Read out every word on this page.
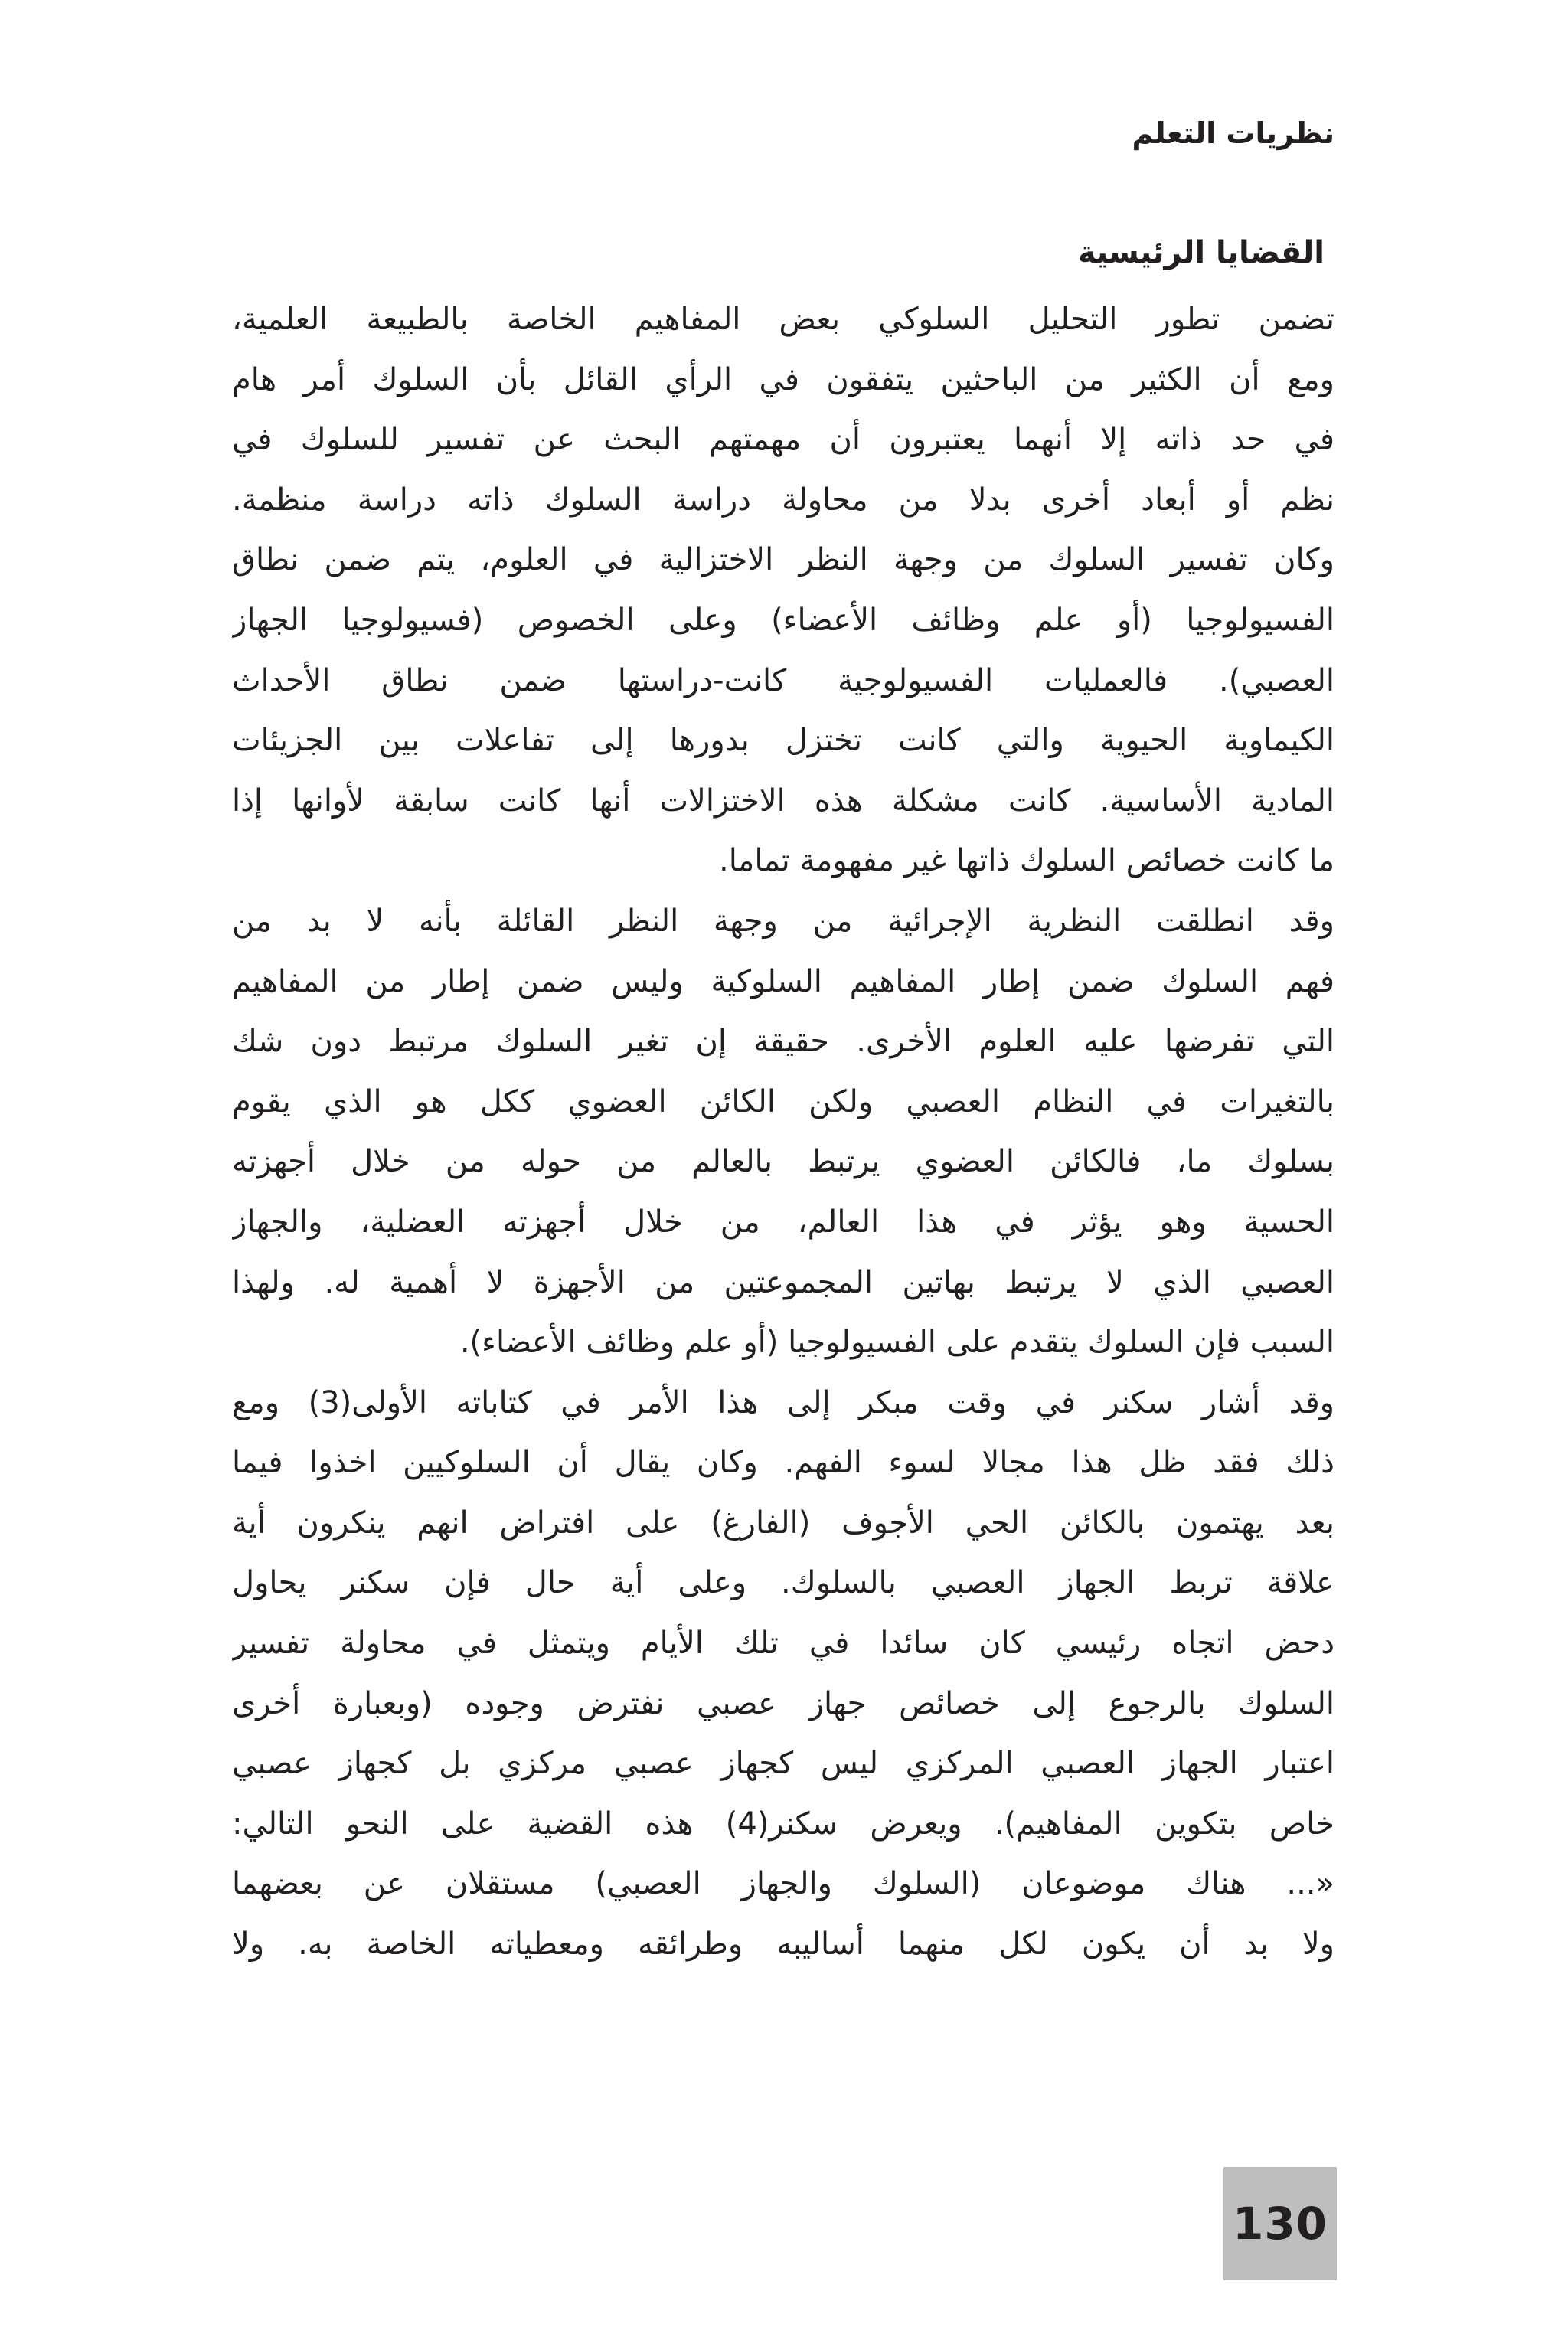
نظريات التعلم
القضايا الرئيسية
تضمن تطور التحليل السلوكي بعض المفاهيم الخاصة بالطبيعة العلمية،
ومع أن الكثير من الباحثين يتفقون في الرأي القائل بأن السلوك أمر هام
في حد ذاته إلا أنهما يعتبرون أن مهمتهم البحث عن تفسير للسلوك في
نظم أو أبعاد أخرى بدلا من محاولة دراسة السلوك ذاته دراسة منظمة.
وكان تفسير السلوك من وجهة النظر الاختزالية في العلوم، يتم ضمن نطاق
الفسيولوجيا (أو علم وظائف الأعضاء) وعلى الخصوص (فسيولوجيا الجهاز
العصبي). فالعمليات الفسيولوجية كانت-دراستها ضمن نطاق الأحداث
الكيماوية الحيوية والتي كانت تختزل بدورها إلى تفاعلات بين الجزيئات
المادية الأساسية. كانت مشكلة هذه الاختزالات أنها كانت سابقة لأوانها إذا
ما كانت خصائص السلوك ذاتها غير مفهومة تماما.
وقد انطلقت النظرية الإجرائية من وجهة النظر القائلة بأنه لا بد من
فهم السلوك ضمن إطار المفاهيم السلوكية وليس ضمن إطار من المفاهيم
التي تفرضها عليه العلوم الأخرى. حقيقة إن تغير السلوك مرتبط دون شك
بالتغيرات في النظام العصبي ولكن الكائن العضوي ككل هو الذي يقوم
بسلوك ما، فالكائن العضوي يرتبط بالعالم من حوله من خلال أجهزته
الحسية وهو يؤثر في هذا العالم، من خلال أجهزته العضلية، والجهاز
العصبي الذي لا يرتبط بهاتين المجموعتين من الأجهزة لا أهمية له. ولهذا
السبب فإن السلوك يتقدم على الفسيولوجيا (أو علم وظائف الأعضاء).
وقد أشار سكنر في وقت مبكر إلى هذا الأمر في كتاباته الأولى(3) ومع
ذلك فقد ظل هذا مجالا لسوء الفهم. وكان يقال أن السلوكيين اخذوا فيما
بعد يهتمون بالكائن الحي الأجوف (الفارغ) على افتراض انهم ينكرون أية
علاقة تربط الجهاز العصبي بالسلوك. وعلى أية حال فإن سكنر يحاول
دحض اتجاه رئيسي كان سائدا في تلك الأيام ويتمثل في محاولة تفسير
السلوك بالرجوع إلى خصائص جهاز عصبي نفترض وجوده (وبعبارة أخرى
اعتبار الجهاز العصبي المركزي ليس كجهاز عصبي مركزي بل كجهاز عصبي
خاص بتكوين المفاهيم). ويعرض سكنر(4) هذه القضية على النحو التالي:
«... هناك موضوعان (السلوك والجهاز العصبي) مستقلان عن بعضهما
ولا بد أن يكون لكل منهما أساليبه وطرائقه ومعطياته الخاصة به. ولا
130
